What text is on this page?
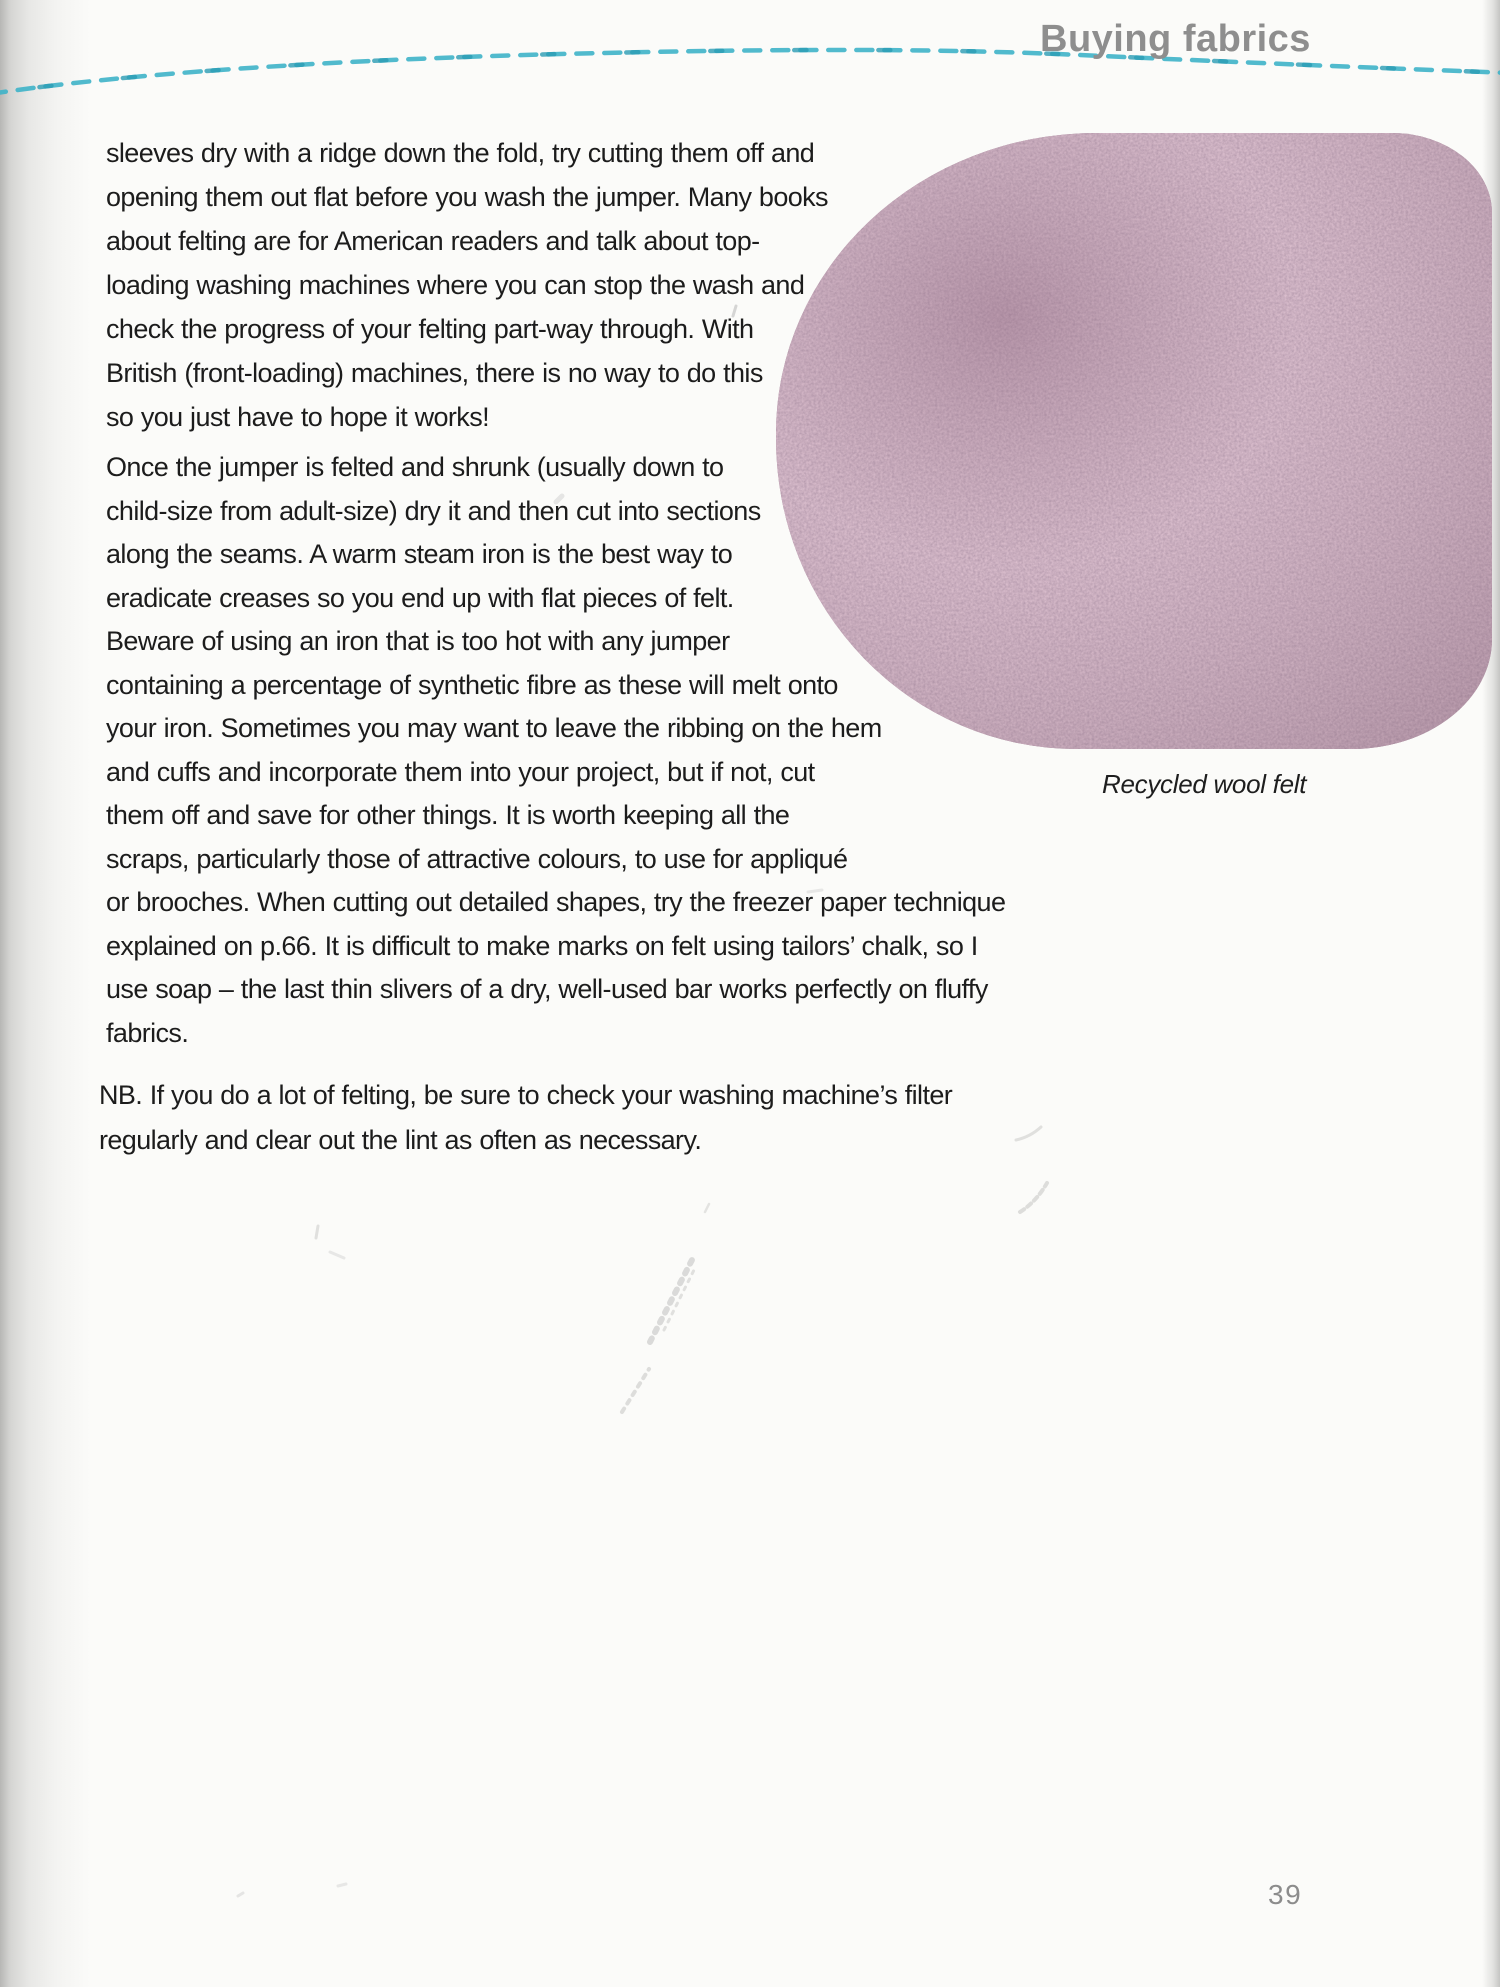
Buying fabrics
Recycled wool felt
sleeves dry with a ridge down the fold, try cutting them off and
opening them out flat before you wash the jumper. Many books
about felting are for American readers and talk about top-
loading washing machines where you can stop the wash and
check the progress of your felting part-way through. With
British (front-loading) machines, there is no way to do this
so you just have to hope it works!
Once the jumper is felted and shrunk (usually down to
child-size from adult-size) dry it and then cut into sections
along the seams. A warm steam iron is the best way to
eradicate creases so you end up with flat pieces of felt.
Beware of using an iron that is too hot with any jumper
containing a percentage of synthetic fibre as these will melt onto
your iron. Sometimes you may want to leave the ribbing on the hem
and cuffs and incorporate them into your project, but if not, cut
them off and save for other things. It is worth keeping all the
scraps, particularly those of attractive colours, to use for appliqué
or brooches. When cutting out detailed shapes, try the freezer paper technique
explained on p.66. It is difficult to make marks on felt using tailors’ chalk, so I
use soap – the last thin slivers of a dry, well-used bar works perfectly on fluffy
fabrics.
NB. If you do a lot of felting, be sure to check your washing machine’s filter
regularly and clear out the lint as often as necessary.
39
